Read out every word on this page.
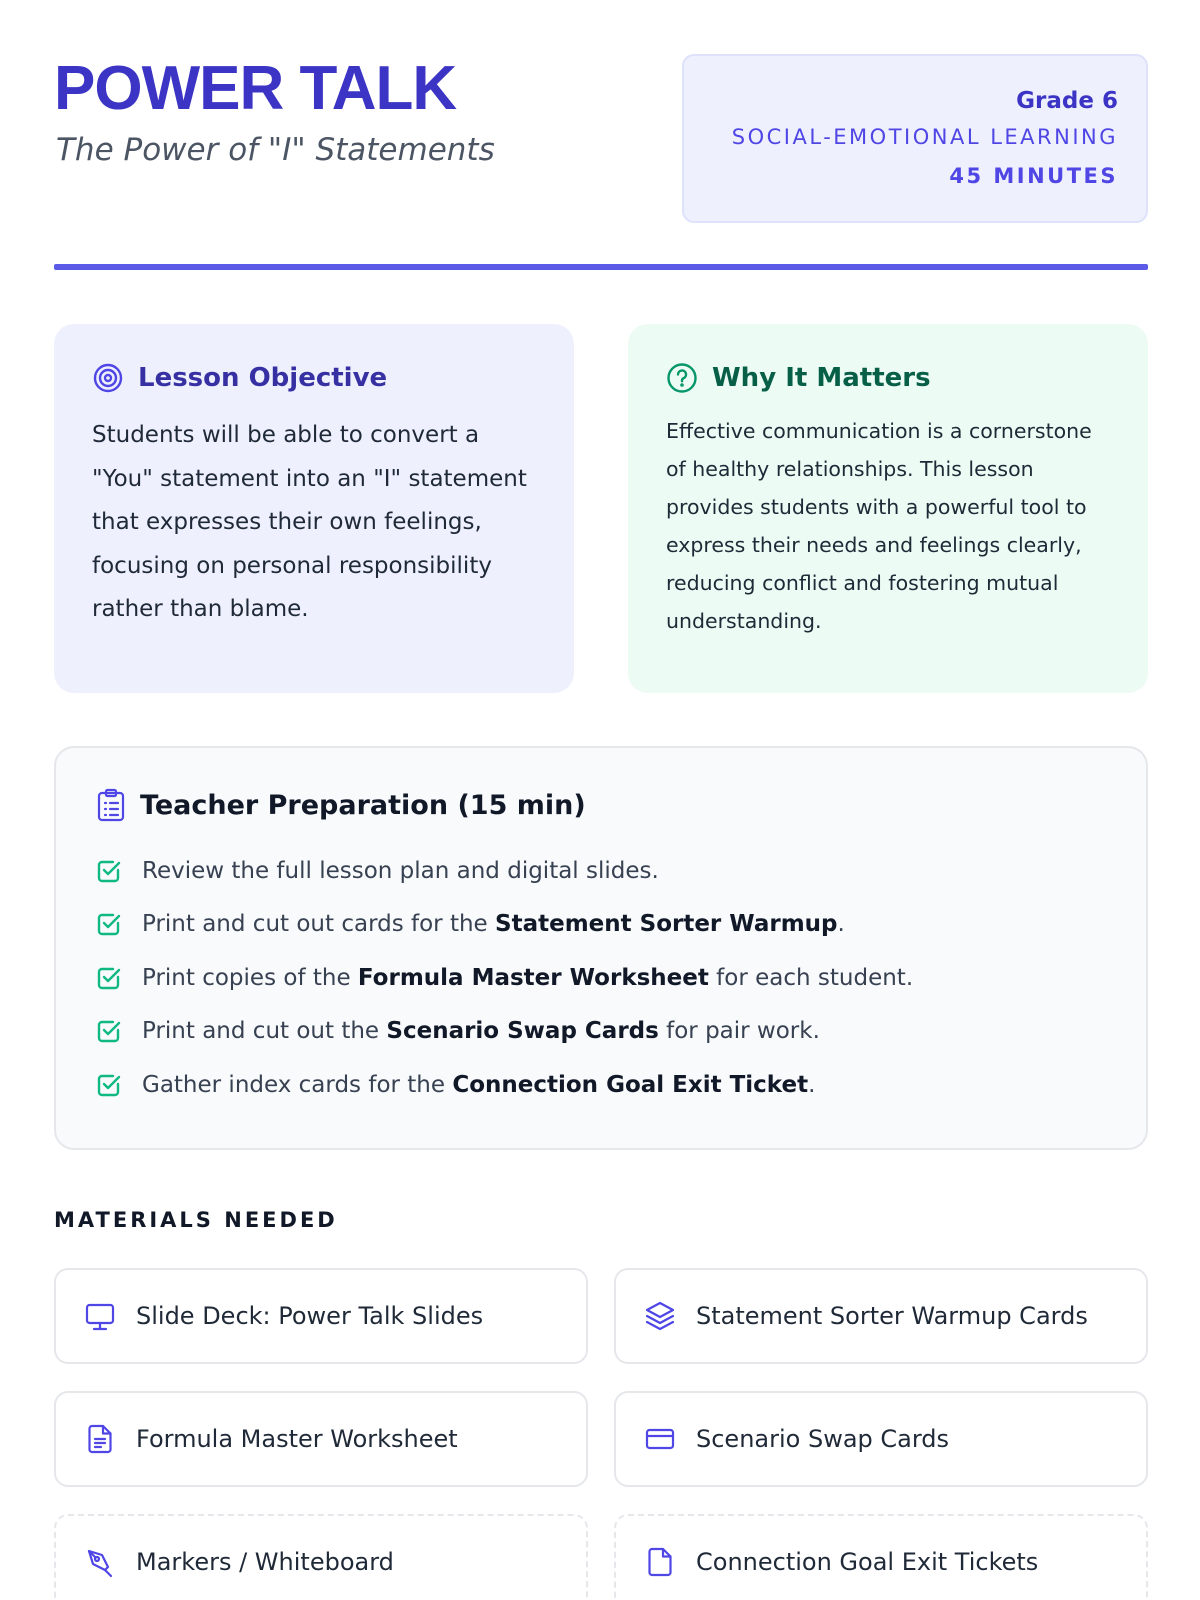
POWER TALK
The Power of "I" Statements
Grade 6
SOCIAL-EMOTIONAL LEARNING
45 MINUTES
Lesson Objective

Students will be able to convert a "You" statement into an "I" statement that expresses their own feelings, focusing on personal responsibility rather than blame.

Why It Matters

Effective communication is a cornerstone of healthy relationships. This lesson provides students with a powerful tool to express their needs and feelings clearly, reducing conflict and fostering mutual understanding.

Teacher Preparation (15 min)
Review the full lesson plan and digital slides.
Print and cut out cards for the Statement Sorter Warmup.
Print copies of the Formula Master Worksheet for each student.
Print and cut out the Scenario Swap Cards for pair work.
Gather index cards for the Connection Goal Exit Ticket.
MATERIALS NEEDED
Slide Deck: Power Talk Slides	Statement Sorter Warmup Cards
Formula Master Worksheet	Scenario Swap Cards
Markers / Whiteboard	Connection Goal Exit Tickets
